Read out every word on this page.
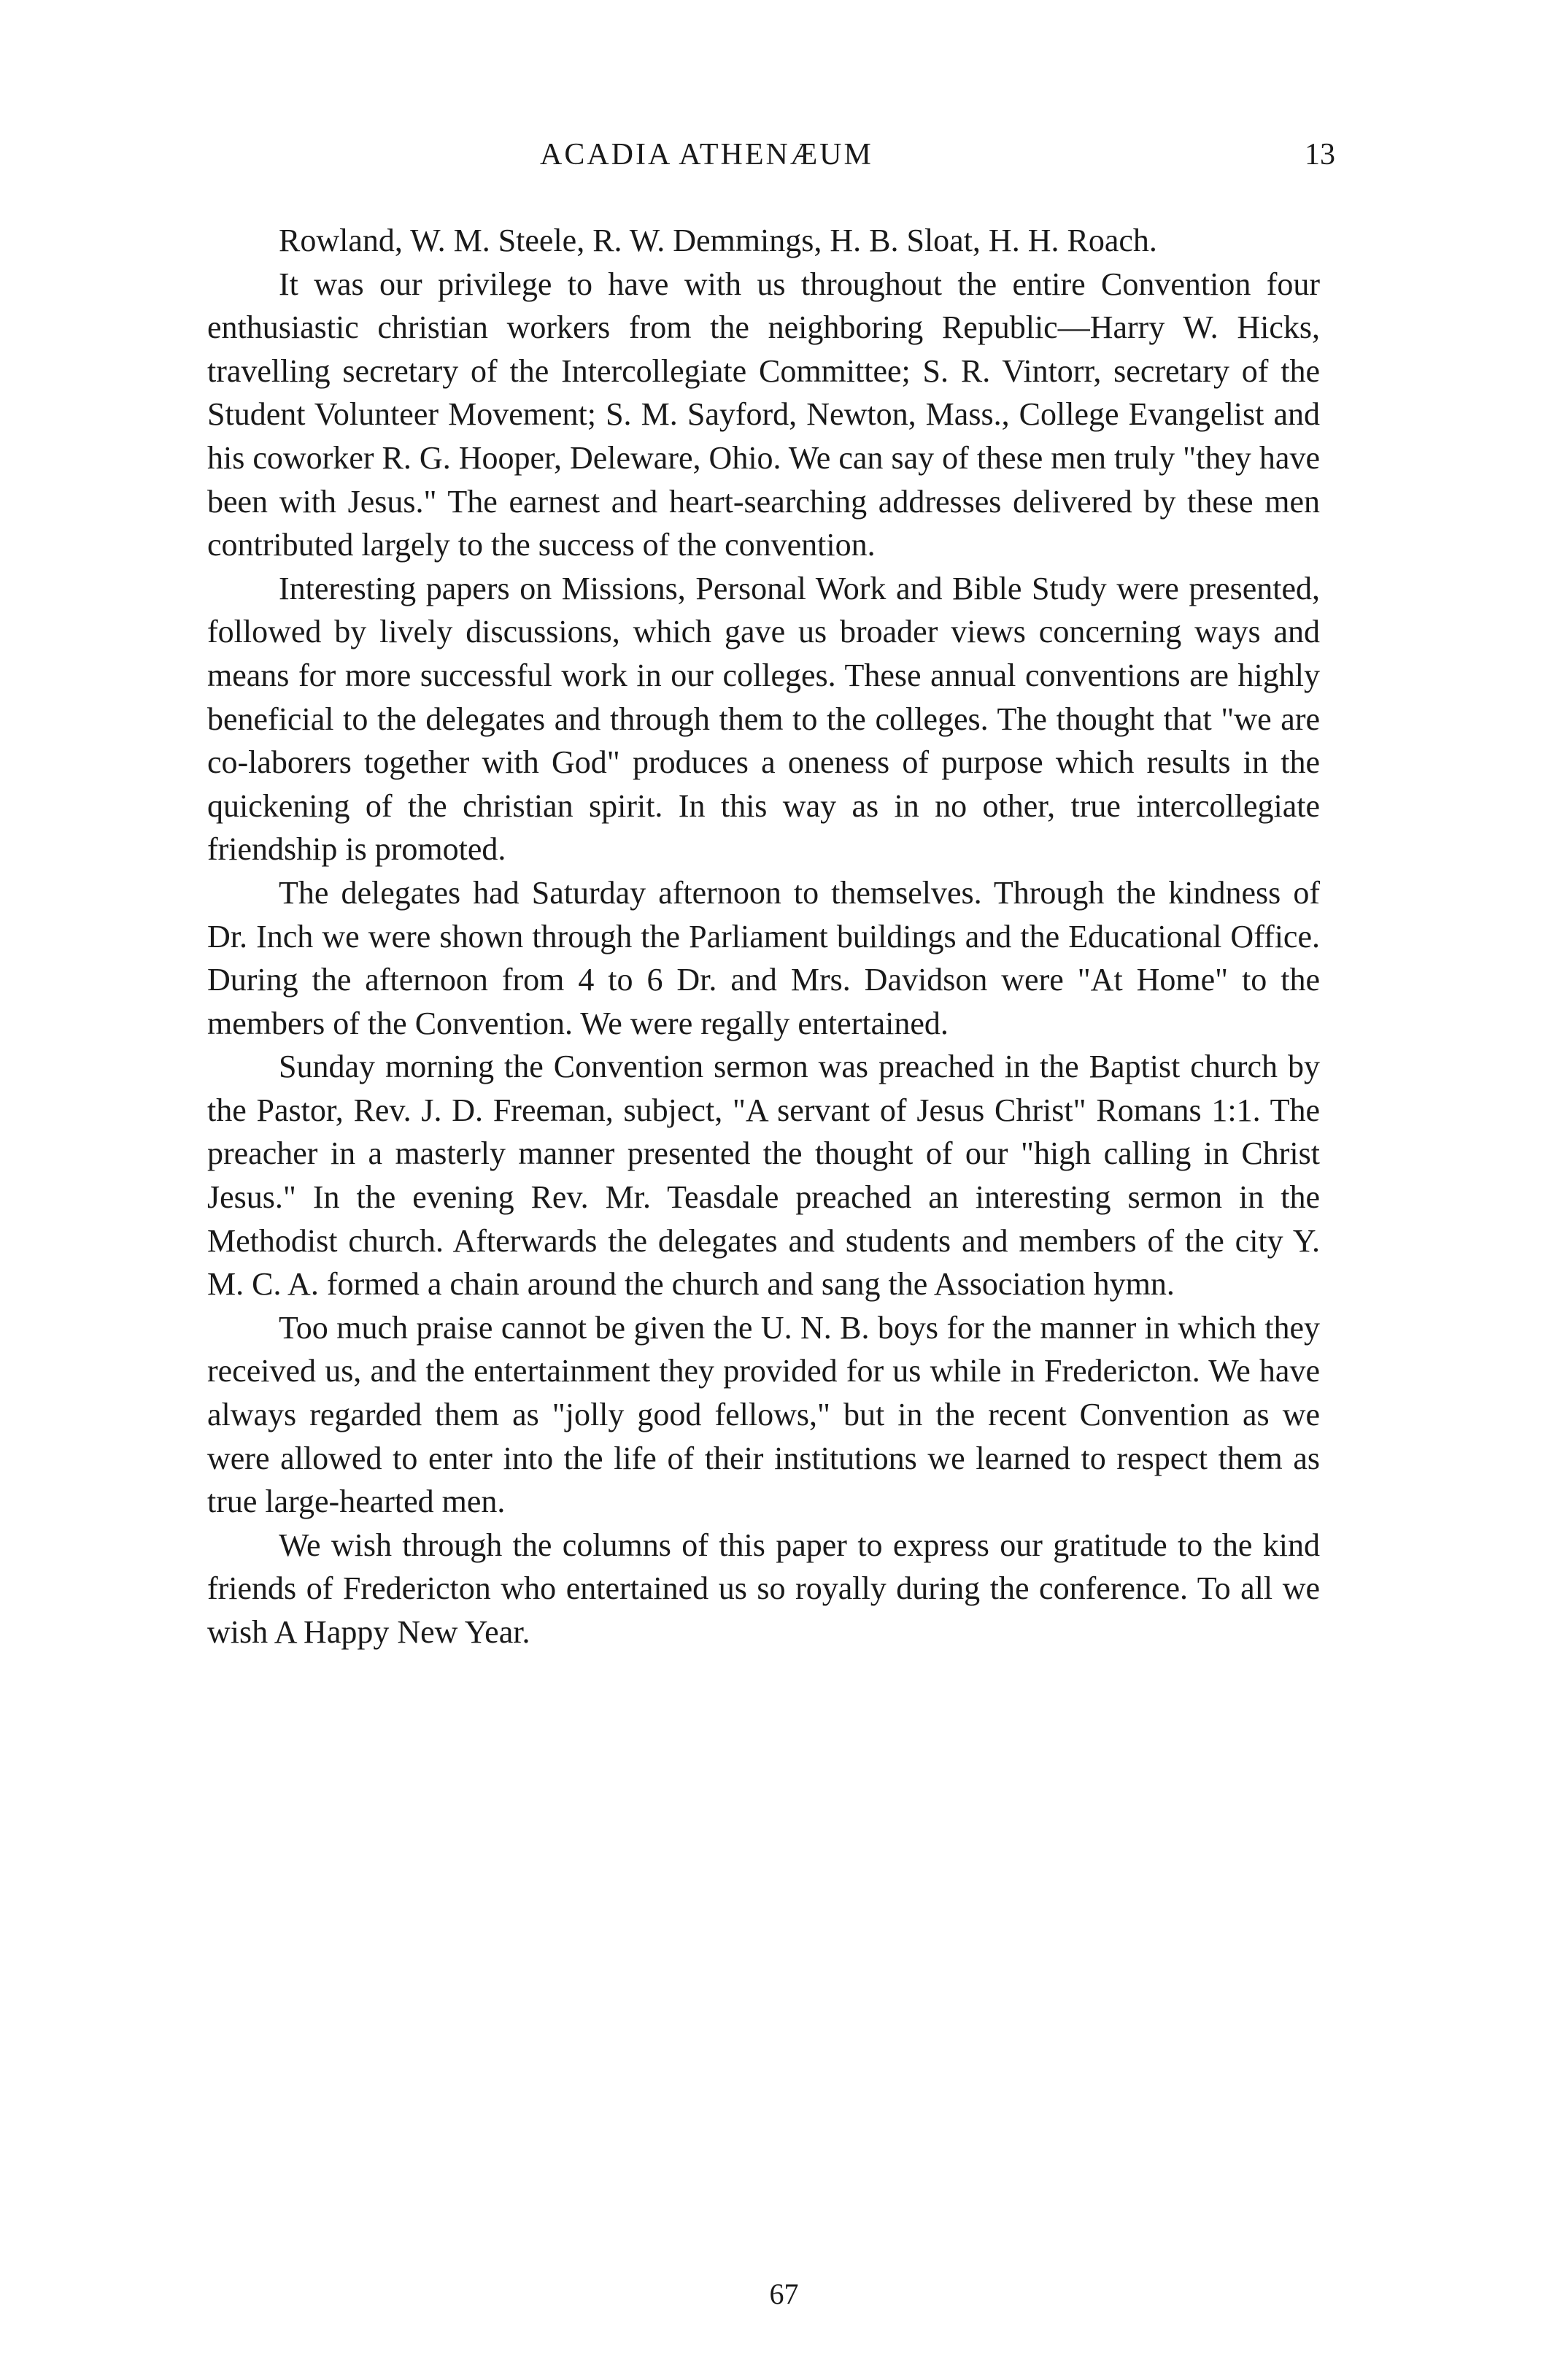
ACADIA ATHENÆUM	13

Rowland, W. M. Steele, R. W. Demmings, H. B. Sloat, H. H. Roach.

It was our privilege to have with us throughout the entire Convention four enthusiastic christian workers from the neighboring Republic—Harry W. Hicks, travelling secretary of the Intercollegiate Committee; S. R. Vintorr, secretary of the Student Volunteer Movement; S. M. Sayford, Newton, Mass., College Evangelist and his coworker R. G. Hooper, Deleware, Ohio. We can say of these men truly "they have been with Jesus." The earnest and heart-searching addresses delivered by these men contributed largely to the success of the convention.

Interesting papers on Missions, Personal Work and Bible Study were presented, followed by lively discussions, which gave us broader views concerning ways and means for more successful work in our colleges. These annual conventions are highly beneficial to the delegates and through them to the colleges. The thought that "we are co-laborers together with God" produces a oneness of purpose which results in the quickening of the christian spirit. In this way as in no other, true intercollegiate friendship is promoted.

The delegates had Saturday afternoon to themselves. Through the kindness of Dr. Inch we were shown through the Parliament buildings and the Educational Office. During the afternoon from 4 to 6 Dr. and Mrs. Davidson were "At Home" to the members of the Convention. We were regally entertained.

Sunday morning the Convention sermon was preached in the Baptist church by the Pastor, Rev. J. D. Freeman, subject, "A servant of Jesus Christ" Romans 1:1. The preacher in a masterly manner presented the thought of our "high calling in Christ Jesus." In the evening Rev. Mr. Teasdale preached an interesting sermon in the Methodist church. Afterwards the delegates and students and members of the city Y. M. C. A. formed a chain around the church and sang the Association hymn.

Too much praise cannot be given the U. N. B. boys for the manner in which they received us, and the entertainment they provided for us while in Fredericton. We have always regarded them as "jolly good fellows," but in the recent Convention as we were allowed to enter into the life of their institutions we learned to respect them as true large-hearted men.

We wish through the columns of this paper to express our gratitude to the kind friends of Fredericton who entertained us so royally during the conference. To all we wish A Happy New Year.

67
